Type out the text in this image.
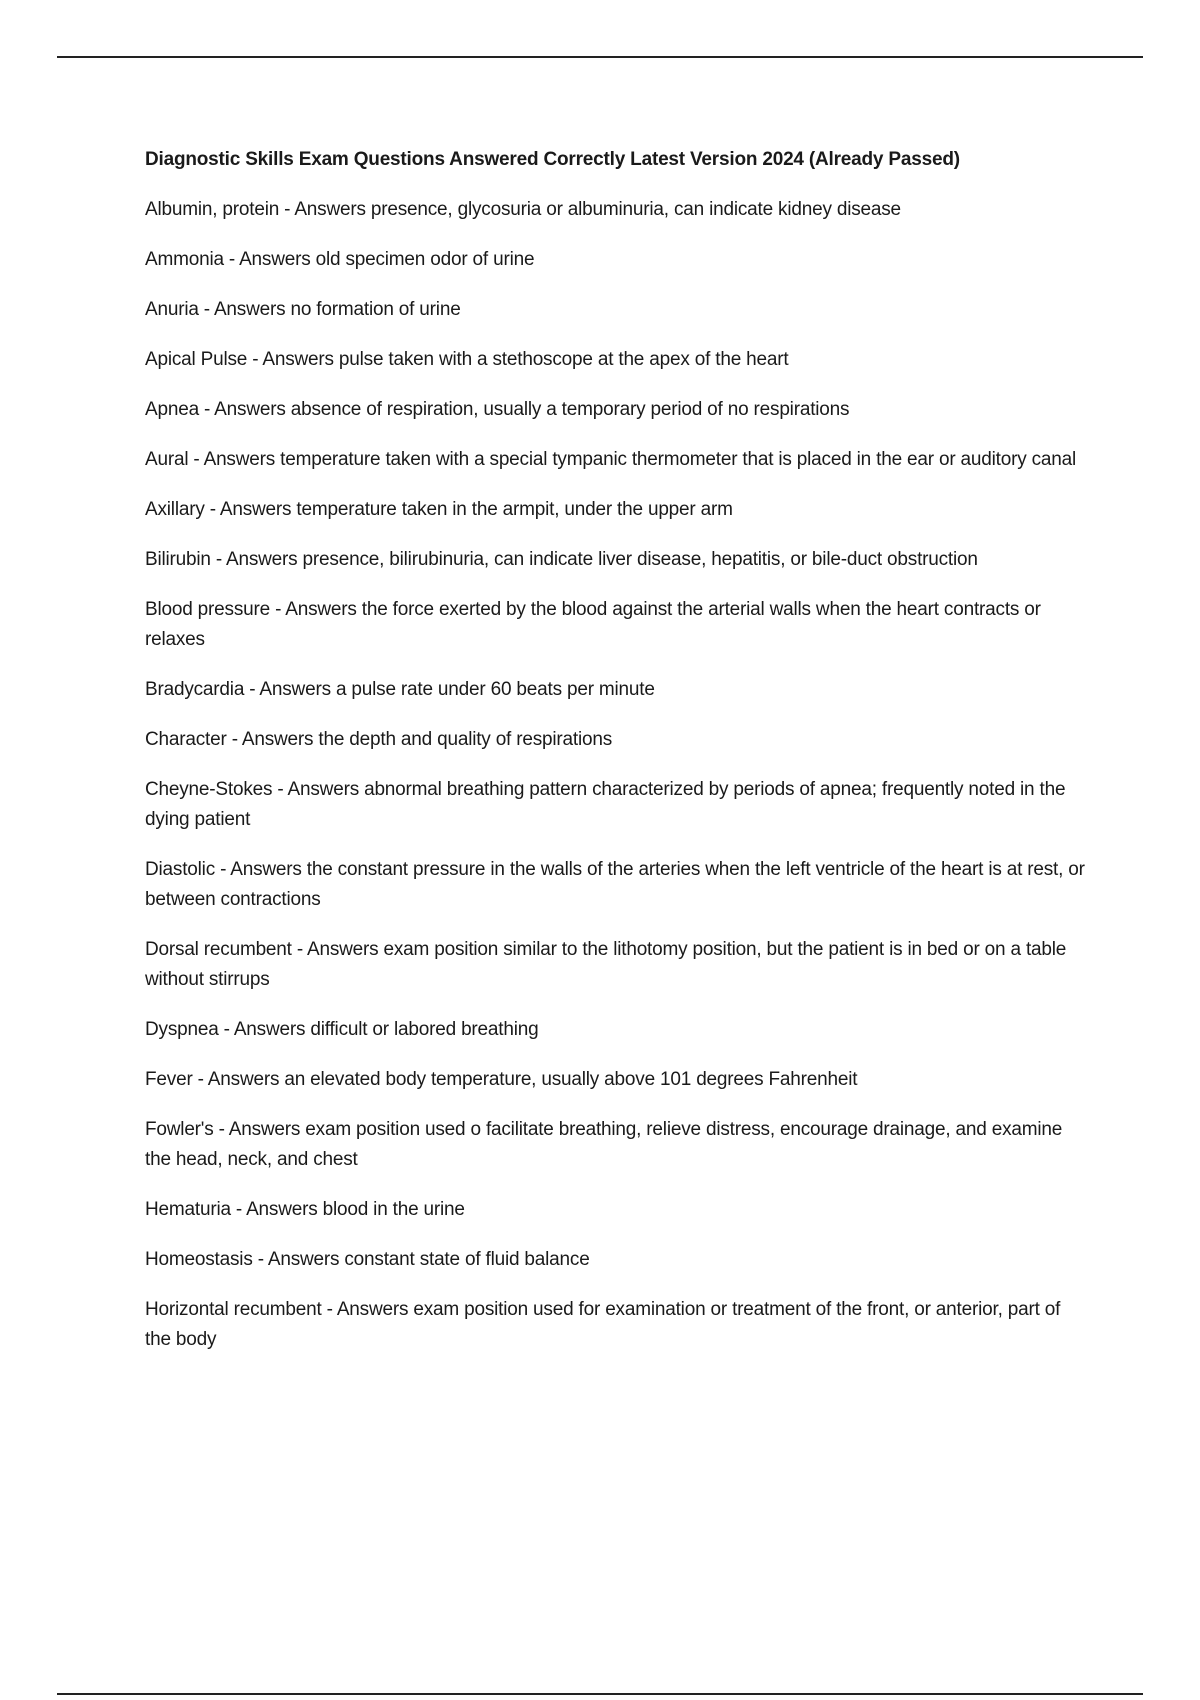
Diagnostic Skills Exam Questions Answered Correctly Latest Version 2024 (Already Passed)
Albumin, protein - Answers presence, glycosuria or albuminuria, can indicate kidney disease
Ammonia - Answers old specimen odor of urine
Anuria - Answers no formation of urine
Apical Pulse - Answers pulse taken with a stethoscope at the apex of the heart
Apnea - Answers absence of respiration, usually a temporary period of no respirations
Aural - Answers temperature taken with a special tympanic thermometer that is placed in the ear or auditory canal
Axillary - Answers temperature taken in the armpit, under the upper arm
Bilirubin - Answers presence, bilirubinuria, can indicate liver disease, hepatitis, or bile-duct obstruction
Blood pressure - Answers the force exerted by the blood against the arterial walls when the heart contracts or relaxes
Bradycardia - Answers a pulse rate under 60 beats per minute
Character - Answers the depth and quality of respirations
Cheyne-Stokes - Answers abnormal breathing pattern characterized by periods of apnea; frequently noted in the dying patient
Diastolic - Answers the constant pressure in the walls of the arteries when the left ventricle of the heart is at rest, or between contractions
Dorsal recumbent - Answers exam position similar to the lithotomy position, but the patient is in bed or on a table without stirrups
Dyspnea - Answers difficult or labored breathing
Fever - Answers an elevated body temperature, usually above 101 degrees Fahrenheit
Fowler's - Answers exam position used o facilitate breathing, relieve distress, encourage drainage, and examine the head, neck, and chest
Hematuria - Answers blood in the urine
Homeostasis - Answers constant state of fluid balance
Horizontal recumbent - Answers exam position used for examination or treatment of the front, or anterior, part of the body
